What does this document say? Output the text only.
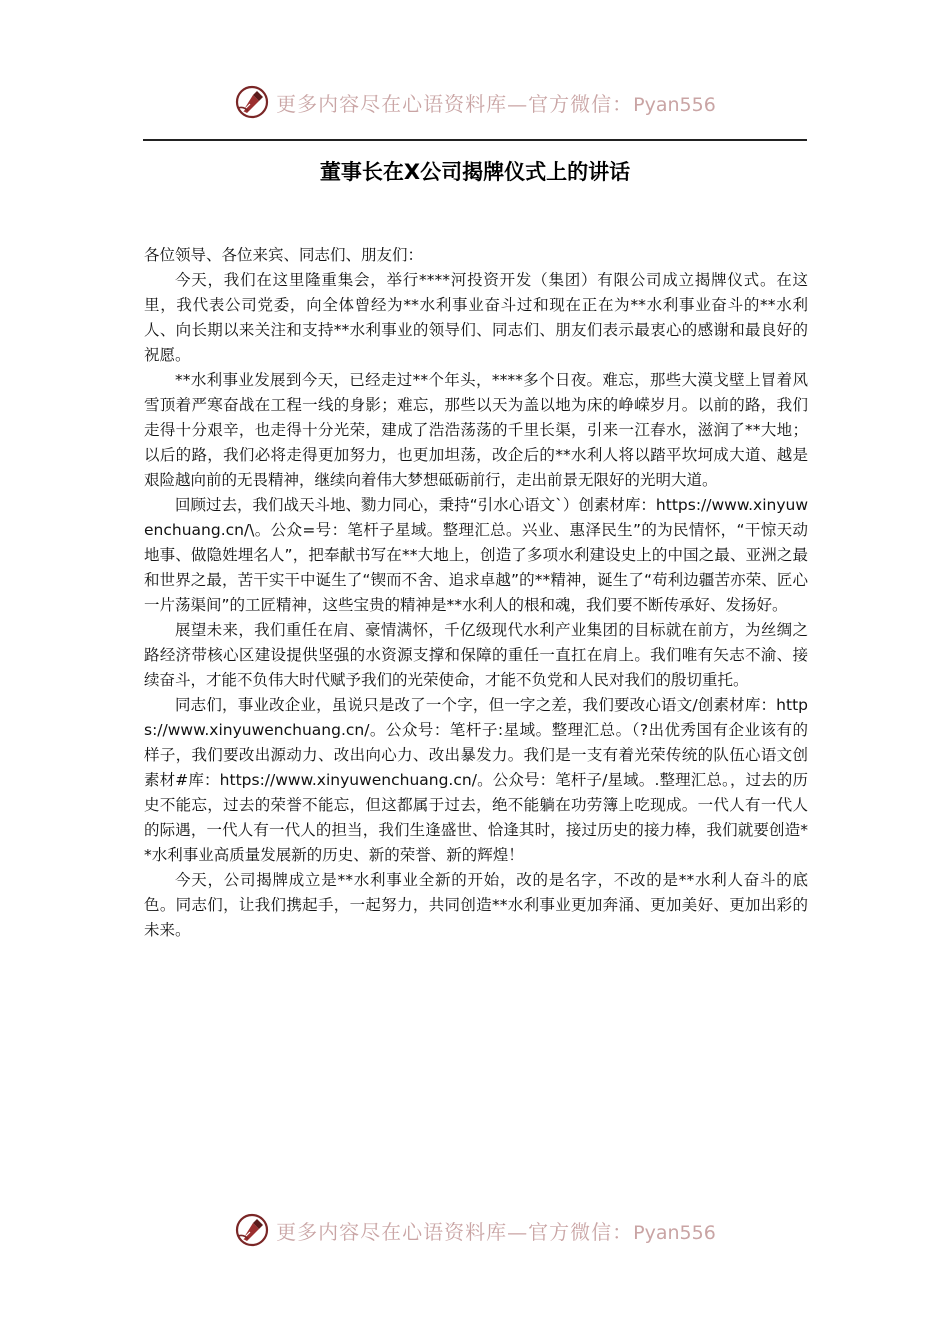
更多内容尽在心语资料库—官方微信：Pyan556
董事长在X公司揭牌仪式上的讲话

各位领导、各位来宾、同志们、朋友们：

今天，我们在这里隆重集会，举行****河投资开发（集团）有限公司成立揭牌仪式。在这里，我代表公司党委，向全体曾经为**水利事业奋斗过和现在正在为**水利事业奋斗的**水利人、向长期以来关注和支持**水利事业的领导们、同志们、朋友们表示最衷心的感谢和最良好的祝愿。

**水利事业发展到今天，已经走过**个年头，****多个日夜。难忘，那些大漠戈壁上冒着风雪顶着严寒奋战在工程一线的身影；难忘，那些以天为盖以地为床的峥嵘岁月。以前的路，我们走得十分艰辛，也走得十分光荣，建成了浩浩荡荡的千里长渠，引来一江春水，滋润了**大地；以后的路，我们必将走得更加努力，也更加坦荡，改企后的**水利人将以踏平坎坷成大道、越是艰险越向前的无畏精神，继续向着伟大梦想砥砺前行，走出前景无限好的光明大道。

回顾过去，我们战天斗地、勠力同心，秉持“引水心语文`）创素材库：https://www.xinyuwenchuang.cn/\。公众=号：笔杆子星域。整理汇总。兴业、惠泽民生”的为民情怀，“干惊天动地事、做隐姓埋名人”，把奉献书写在**大地上，创造了多项水利建设史上的中国之最、亚洲之最和世界之最，苦干实干中诞生了“锲而不舍、追求卓越”的**精神，诞生了“苟利边疆苦亦荣、匠心一片荡渠间”的工匠精神，这些宝贵的精神是**水利人的根和魂，我们要不断传承好、发扬好。

展望未来，我们重任在肩、豪情满怀，千亿级现代水利产业集团的目标就在前方，为丝绸之路经济带核心区建设提供坚强的水资源支撑和保障的重任一直扛在肩上。我们唯有矢志不渝、接续奋斗，才能不负伟大时代赋予我们的光荣使命，才能不负党和人民对我们的殷切重托。

同志们，事业改企业，虽说只是改了一个字，但一字之差，我们要改心语文/创素材库：https://www.xinyuwenchuang.cn/。公众号：笔杆子:星域。整理汇总。（?出优秀国有企业该有的样子，我们要改出源动力、改出向心力、改出暴发力。我们是一支有着光荣传统的队伍心语文创素材#库：https://www.xinyuwenchuang.cn/。公众号：笔杆子/星域。.整理汇总。，过去的历史不能忘，过去的荣誉不能忘，但这都属于过去，绝不能躺在功劳簿上吃现成。一代人有一代人的际遇，一代人有一代人的担当，我们生逢盛世、恰逢其时，接过历史的接力棒，我们就要创造**水利事业高质量发展新的历史、新的荣誉、新的辉煌！

今天，公司揭牌成立是**水利事业全新的开始，改的是名字，不改的是**水利人奋斗的底色。同志们，让我们携起手，一起努力，共同创造**水利事业更加奔涌、更加美好、更加出彩的未来。

更多内容尽在心语资料库—官方微信：Pyan556
